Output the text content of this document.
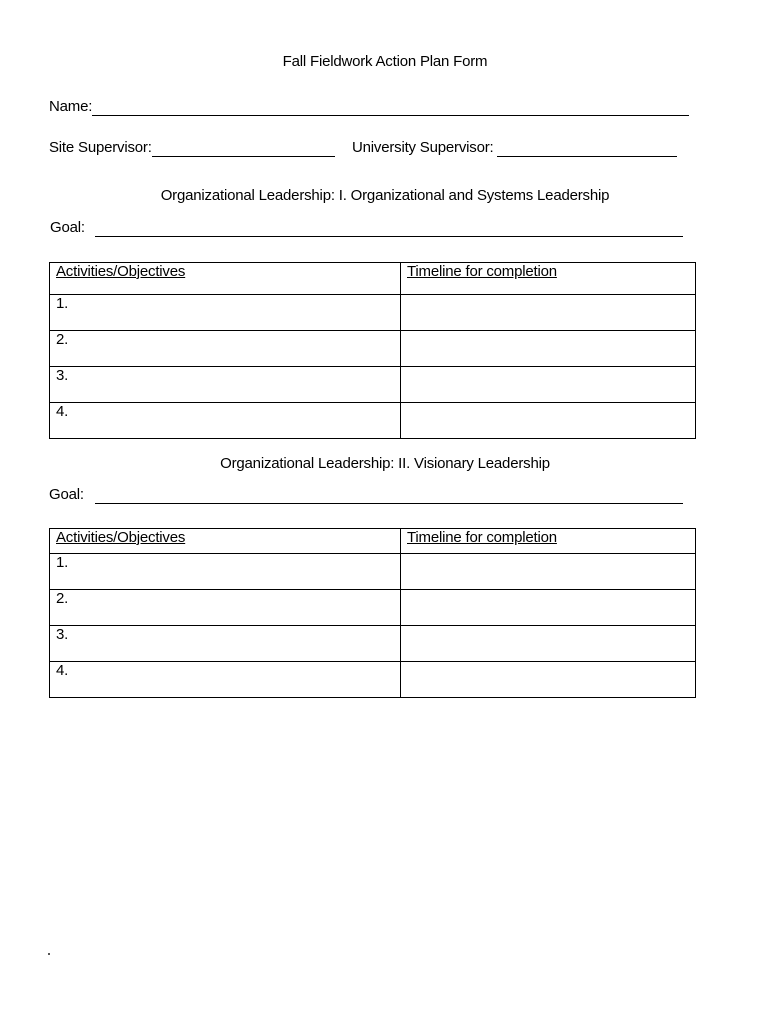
Fall Fieldwork Action Plan Form
Name:
Site Supervisor:	University Supervisor:
Organizational Leadership: I. Organizational and Systems Leadership
Goal:
Activities/Objectives	Timeline for completion
1.	
2.	
3.	
4.	
Organizational Leadership: II. Visionary Leadership
Goal:
Activities/Objectives	Timeline for completion
1.	
2.	
3.	
4.	
